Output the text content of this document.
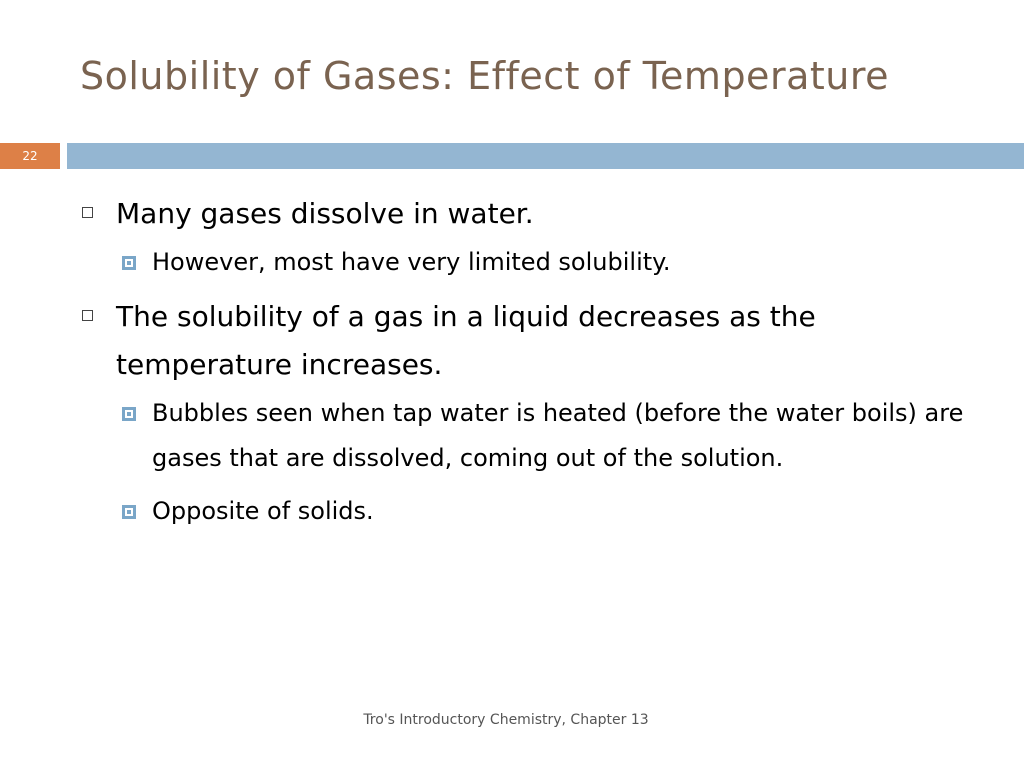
Solubility of Gases: Effect of Temperature
22
Many gases dissolve in water.
However, most have very limited solubility.
The solubility of a gas in a liquid decreases as the temperature increases.
Bubbles seen when tap water is heated (before the water boils) are gases that are dissolved, coming out of the solution.
Opposite of solids.
Tro's Introductory Chemistry, Chapter 13
